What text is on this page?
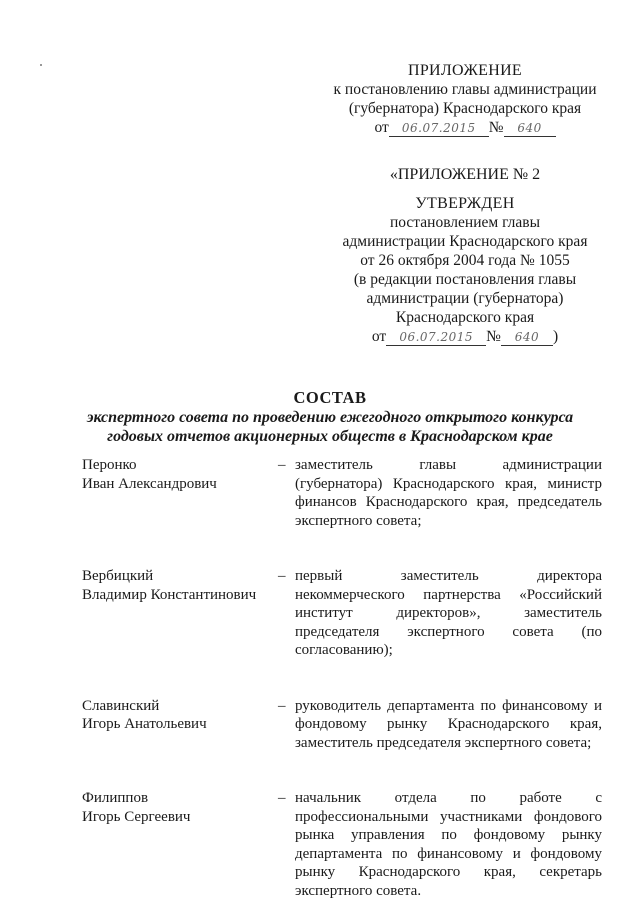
ПРИЛОЖЕНИЕ
к постановлению главы администрации
(губернатора) Краснодарского края
от	06.07.2015 №	640
«ПРИЛОЖЕНИЕ № 2
УТВЕРЖДЕН
постановлением главы
администрации Краснодарского края
от 26 октября 2004 года № 1055
(в редакции постановления главы
администрации (губернатора)
Краснодарского края
от	06.07.2015 №	640 )
СОСТАВ
экспертного совета по проведению ежегодного открытого конкурса
годовых отчетов акционерных обществ в Краснодарском крае
Перонко
Иван Александрович
– заместитель главы администрации (губернатора) Краснодарского края, министр финансов Краснодарского края, председатель экспертного совета;
Вербицкий
Владимир Константинович
– первый заместитель директора некоммерческого партнерства «Российский институт директоров», заместитель председателя экспертного совета (по согласованию);
Славинский
Игорь Анатольевич
– руководитель департамента по финансовому и фондовому рынку Краснодарского края, заместитель председателя экспертного совета;
Филиппов
Игорь Сергеевич
– начальник отдела по работе с профессиональными участниками фондового рынка управления по фондовому рынку департамента по финансовому и фондовому рынку Краснодарского края, секретарь экспертного совета.
